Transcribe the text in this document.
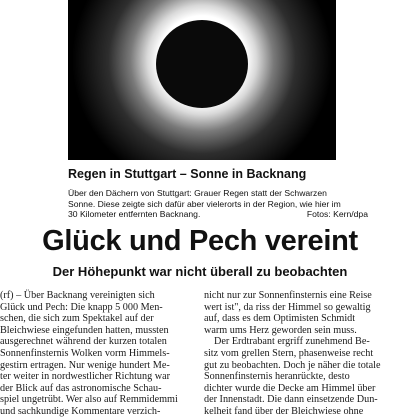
Regen in Stuttgart – Sonne in Backnang
Über den Dächern von Stuttgart: Grauer Regen statt der Schwarzen
Sonne. Diese zeigte sich dafür aber vielerorts in der Region, wie hier im
30 Kilometer entfernten Backnang.	Fotos: Kern/dpa
Glück und Pech vereint
Der Höhepunkt war nicht überall zu beobachten
(rf) – Über Backnang vereinigten sich
Glück und Pech: Die knapp 5 000 Men-
schen, die sich zum Spektakel auf der
Bleichwiese eingefunden hatten, mussten
ausgerechnet während der kurzen totalen
Sonnenfinsternis Wolken vorm Himmels-
gestirn ertragen. Nur wenige hundert Me-
ter weiter in nordwestlicher Richtung war
der Blick auf das astronomische Schau-
spiel ungetrübt. Wer also auf Remmidemmi
und sachkundige Kommentare verzich-
nicht nur zur Sonnenfinsternis eine Reise
wert ist", da riss der Himmel so gewaltig
auf, dass es dem Optimisten Schmidt
warm ums Herz geworden sein muss.
Der Erdtrabant ergriff zunehmend Be-
sitz vom grellen Stern, phasenweise recht
gut zu beobachten. Doch je näher die totale
Sonnenfinsternis heranrückte, desto
dichter wurde die Decke am Himmel über
der Innenstadt. Die dann einsetzende Dun-
kelheit fand über der Bleichwiese ohne
